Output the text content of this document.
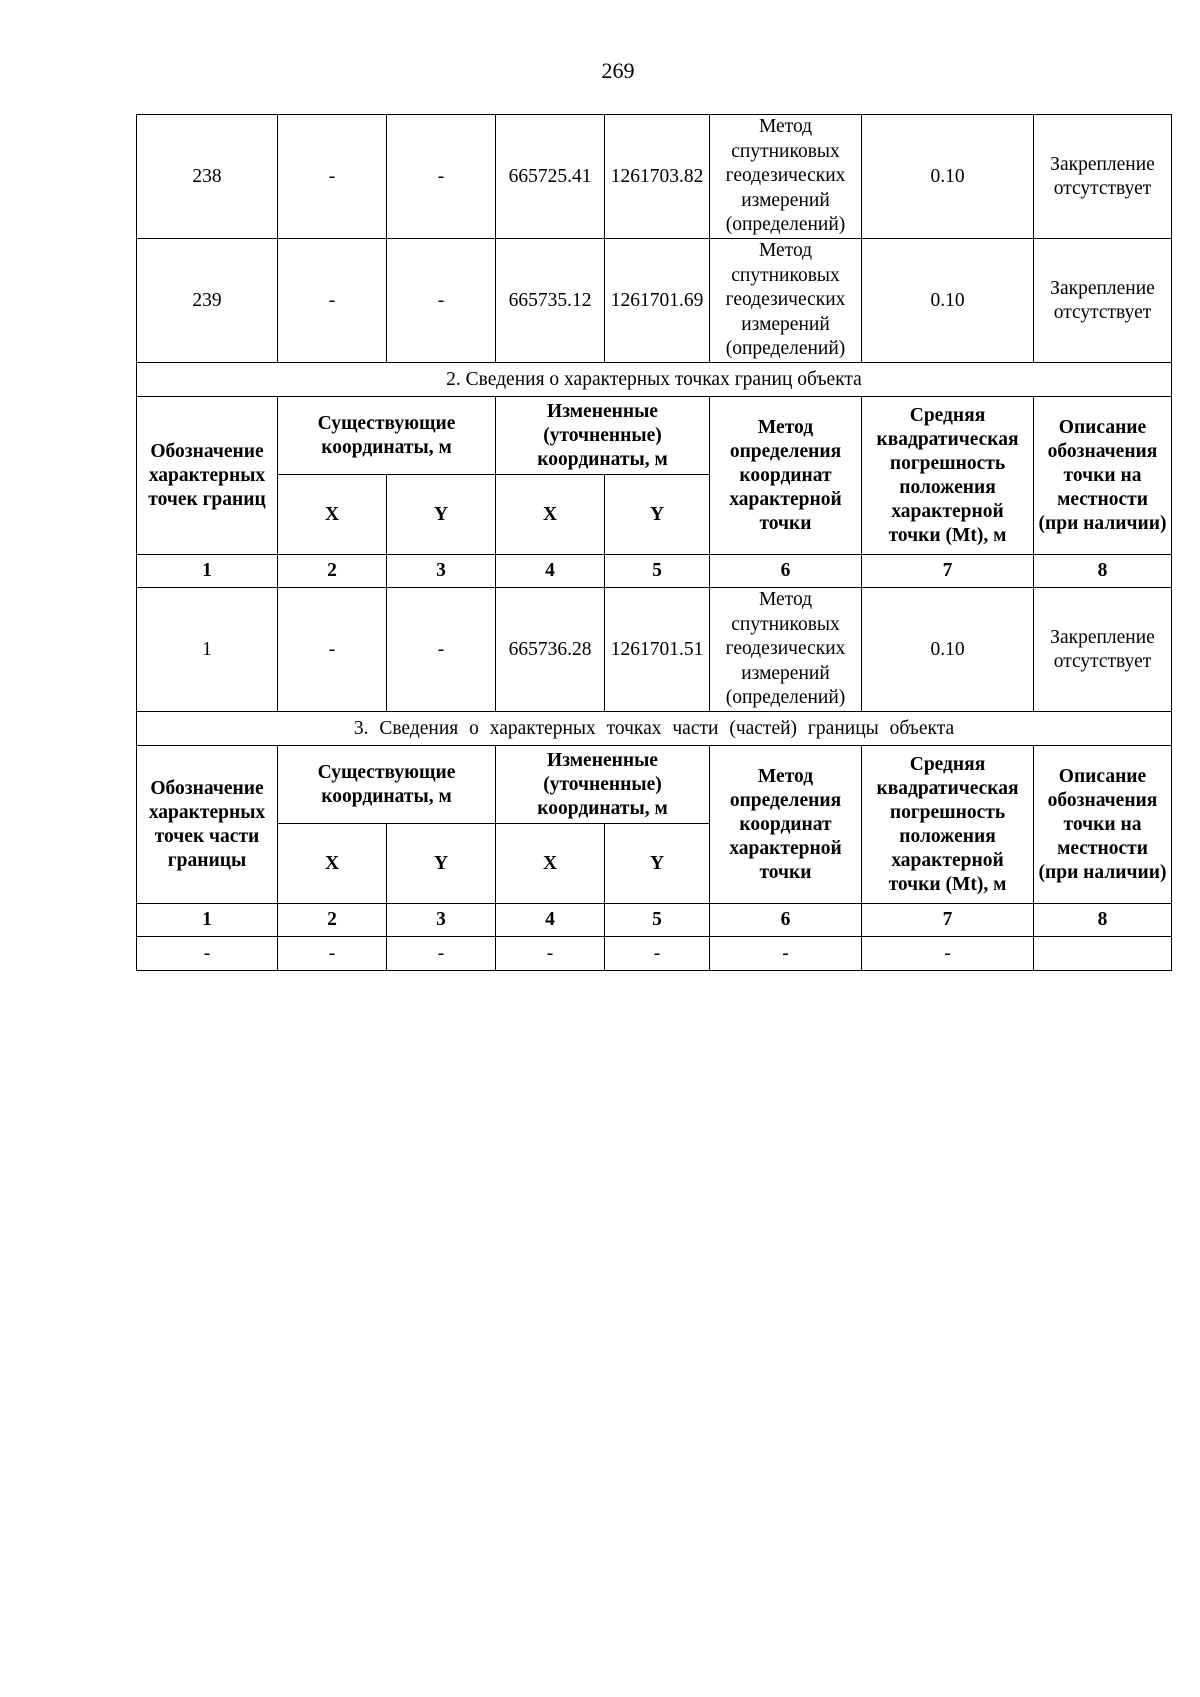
269
238	-	-	665725.41	1261703.82	Метод спутниковых геодезических измерений (определений)	0.10	Закрепление отсутствует
239	-	-	665735.12	1261701.69	Метод спутниковых геодезических измерений (определений)	0.10	Закрепление отсутствует
2. Сведения о характерных точках границ объекта							
Обозначение характерных точек границ	Существующие координаты, м		Измененные (уточненные) координаты, м		Метод определения координат характерной точки	Средняя квадратическая погрешность положения характерной точки (Mt), м	Описание обозначения точки на местности (при наличии)
	X	Y	X	Y			
1	2	3	4	5	6	7	8
1	-	-	665736.28	1261701.51	Метод спутниковых геодезических измерений (определений)	0.10	Закрепление отсутствует
3. Сведения о характерных точках части (частей) границы объекта							
Обозначение характерных точек части границы	Существующие координаты, м		Измененные (уточненные) координаты, м		Метод определения координат характерной точки	Средняя квадратическая погрешность положения характерной точки (Mt), м	Описание обозначения точки на местности (при наличии)
	X	Y	X	Y			
1	2	3	4	5	6	7	8
-	-	-	-	-	-	-	
